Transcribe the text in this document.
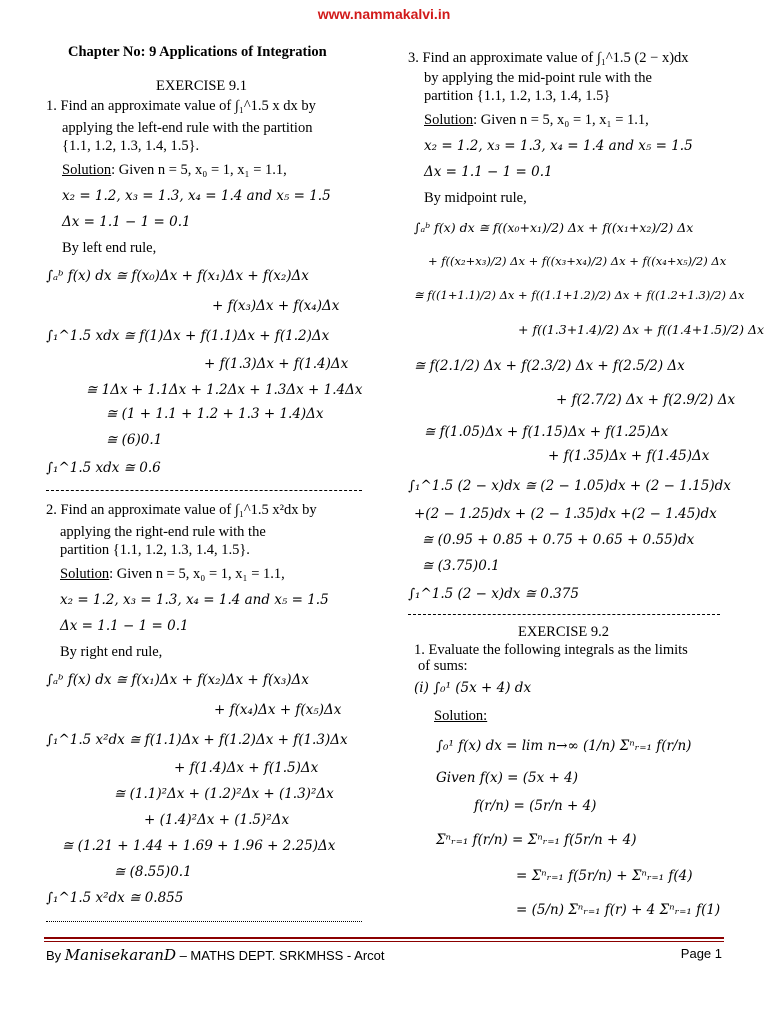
www.nammakalvi.in
Chapter No: 9 Applications of Integration
EXERCISE 9.1
1. Find an approximate value of ∫₁^1.5 x dx by
applying the left-end rule with the partition
{1.1, 1.2, 1.3, 1.4, 1.5}.
Solution: Given n = 5, x₀ = 1, x₁ = 1.1,
x₂ = 1.2, x₃ = 1.3, x₄ = 1.4 and x₅ = 1.5
Δx = 1.1 − 1 = 0.1
By left end rule,
∫ₐᵇ f(x) dx ≅ f(x₀)Δx + f(x₁)Δx + f(x₂)Δx
+ f(x₃)Δx + f(x₄)Δx
∫₁^1.5 xdx ≅ f(1)Δx + f(1.1)Δx + f(1.2)Δx
+ f(1.3)Δx + f(1.4)Δx
≅ 1Δx + 1.1Δx + 1.2Δx + 1.3Δx + 1.4Δx
≅ (1 + 1.1 + 1.2 + 1.3 + 1.4)Δx
≅ (6)0.1
∫₁^1.5 xdx ≅ 0.6
2. Find an approximate value of ∫₁^1.5 x²dx by
applying the right-end rule with the
partition {1.1, 1.2, 1.3, 1.4, 1.5}.
Solution: Given n = 5, x₀ = 1, x₁ = 1.1,
x₂ = 1.2, x₃ = 1.3, x₄ = 1.4 and x₅ = 1.5
Δx = 1.1 − 1 = 0.1
By right end rule,
∫ₐᵇ f(x) dx ≅ f(x₁)Δx + f(x₂)Δx + f(x₃)Δx
+ f(x₄)Δx + f(x₅)Δx
∫₁^1.5 x²dx ≅ f(1.1)Δx + f(1.2)Δx + f(1.3)Δx
+ f(1.4)Δx + f(1.5)Δx
≅ (1.1)²Δx + (1.2)²Δx + (1.3)²Δx
+ (1.4)²Δx + (1.5)²Δx
≅ (1.21 + 1.44 + 1.69 + 1.96 + 2.25)Δx
≅ (8.55)0.1
∫₁^1.5 x²dx ≅ 0.855
3. Find an approximate value of ∫₁^1.5 (2 − x)dx
by applying the mid-point rule with the
partition {1.1, 1.2, 1.3, 1.4, 1.5}
Solution: Given n = 5, x₀ = 1, x₁ = 1.1,
x₂ = 1.2, x₃ = 1.3, x₄ = 1.4 and x₅ = 1.5
Δx = 1.1 − 1 = 0.1
By midpoint rule,
∫ₐᵇ f(x) dx ≅ f((x₀+x₁)/2) Δx + f((x₁+x₂)/2) Δx
+ f((x₂+x₃)/2) Δx + f((x₃+x₄)/2) Δx + f((x₄+x₅)/2) Δx
≅ f((1+1.1)/2) Δx + f((1.1+1.2)/2) Δx + f((1.2+1.3)/2) Δx
+ f((1.3+1.4)/2) Δx + f((1.4+1.5)/2) Δx
≅ f(2.1/2) Δx + f(2.3/2) Δx + f(2.5/2) Δx
+ f(2.7/2) Δx + f(2.9/2) Δx
≅ f(1.05)Δx + f(1.15)Δx + f(1.25)Δx
+ f(1.35)Δx + f(1.45)Δx
∫₁^1.5 (2 − x)dx ≅ (2 − 1.05)dx + (2 − 1.15)dx
+(2 − 1.25)dx + (2 − 1.35)dx +(2 − 1.45)dx
≅ (0.95 + 0.85 + 0.75 + 0.65 + 0.55)dx
≅ (3.75)0.1
∫₁^1.5 (2 − x)dx ≅ 0.375
EXERCISE 9.2
1. Evaluate the following integrals as the limits
of sums:
(i) ∫₀¹ (5x + 4) dx
Solution:
∫₀¹ f(x) dx = lim n→∞ (1/n) Σⁿᵣ₌₁ f(r/n)
Given f(x) = (5x + 4)
f(r/n) = (5r/n + 4)
Σⁿᵣ₌₁ f(r/n) = Σⁿᵣ₌₁ f(5r/n + 4)
= Σⁿᵣ₌₁ f(5r/n) + Σⁿᵣ₌₁ f(4)
= (5/n) Σⁿᵣ₌₁ f(r) + 4 Σⁿᵣ₌₁ f(1)
By ManisekaranD – MATHS DEPT. SRKMHSS - Arcot	Page 1
